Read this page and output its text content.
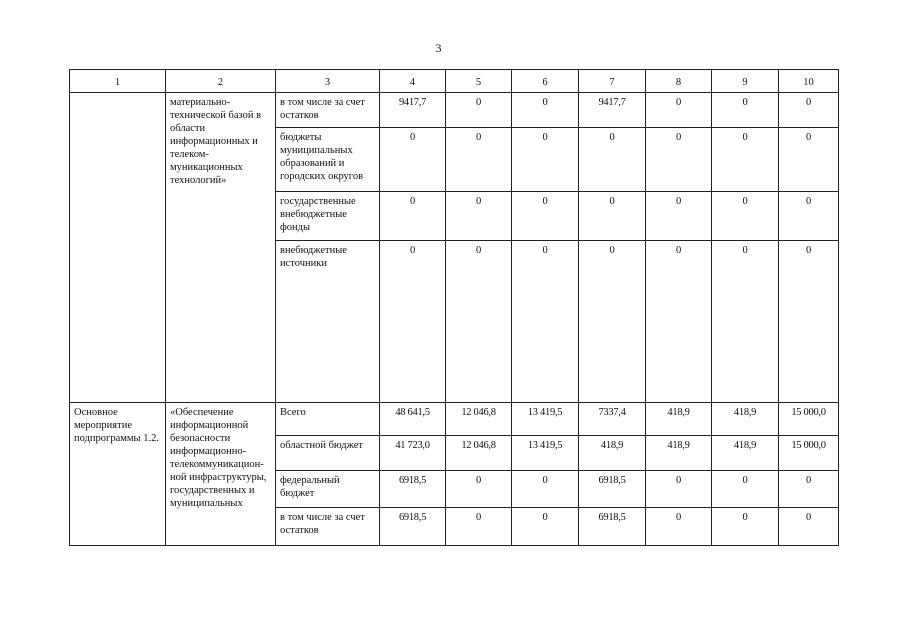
3
1	2	3	4	5	6	7	8	9	10
	материально-технической базой в области информационных и телеком-муникационных технологий»	в том числе за счет остатков	9417,7	0	0	9417,7	0	0	0
		бюджеты муниципальных образований и городских округов	0	0	0	0	0	0	0
		государственные внебюджетные фонды	0	0	0	0	0	0	0
		внебюджетные источники	0	0	0	0	0	0	0
Основное мероприятие подпрограммы 1.2.	«Обеспечение информационной безопасности информационно-телекоммуникацион-ной инфраструктуры, государственных и муниципальных	Всего	48 641,5	12 046,8	13 419,5	7337,4	418,9	418,9	15 000,0
		областной бюджет	41 723,0	12 046,8	13 419,5	418,9	418,9	418,9	15 000,0
		федеральный бюджет	6918,5	0	0	6918,5	0	0	0
		в том числе за счет остатков	6918,5	0	0	6918,5	0	0	0
